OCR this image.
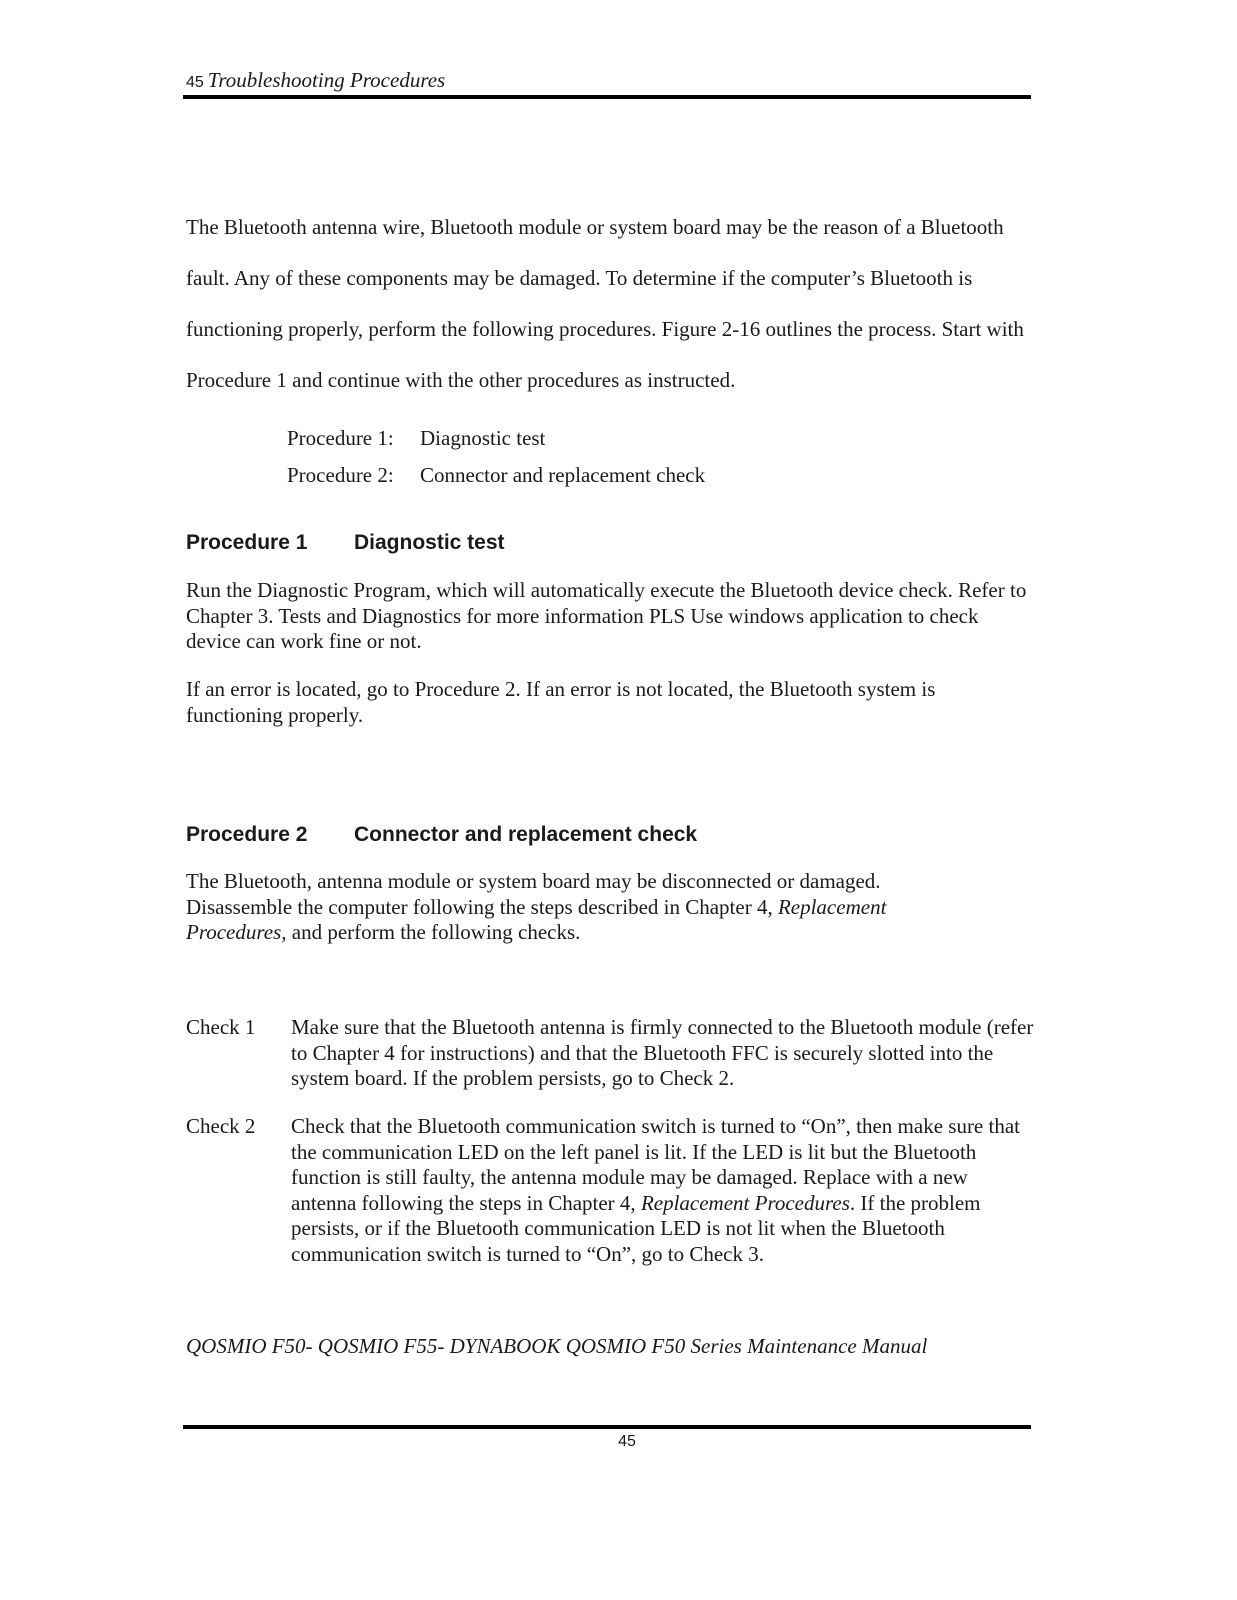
45 Troubleshooting Procedures

The Bluetooth antenna wire, Bluetooth module or system board may be the reason of a Bluetooth fault. Any of these components may be damaged. To determine if the computer’s Bluetooth is functioning properly, perform the following procedures. Figure 2-16 outlines the process. Start with Procedure 1 and continue with the other procedures as instructed.

Procedure 1:	Diagnostic test
Procedure 2:	Connector and replacement check
Procedure 1	Diagnostic test

Run the Diagnostic Program, which will automatically execute the Bluetooth device check. Refer to Chapter 3. Tests and Diagnostics for more information PLS Use windows application to check device can work fine or not.

If an error is located, go to Procedure 2. If an error is not located, the Bluetooth system is functioning properly.

Procedure 2	Connector and replacement check

The Bluetooth, antenna module or system board may be disconnected or damaged. Disassemble the computer following the steps described in Chapter 4, Replacement Procedures, and perform the following checks.

Check 1	Make sure that the Bluetooth antenna is firmly connected to the Bluetooth module (refer to Chapter 4 for instructions) and that the Bluetooth FFC is securely slotted into the system board. If the problem persists, go to Check 2.
Check 2	Check that the Bluetooth communication switch is turned to “On”, then make sure that the communication LED on the left panel is lit. If the LED is lit but the Bluetooth function is still faulty, the antenna module may be damaged. Replace with a new antenna following the steps in Chapter 4, Replacement Procedures. If the problem persists, or if the Bluetooth communication LED is not lit when the Bluetooth communication switch is turned to “On”, go to Check 3.
QOSMIO F50- QOSMIO F55- DYNABOOK QOSMIO F50 Series Maintenance Manual
45
